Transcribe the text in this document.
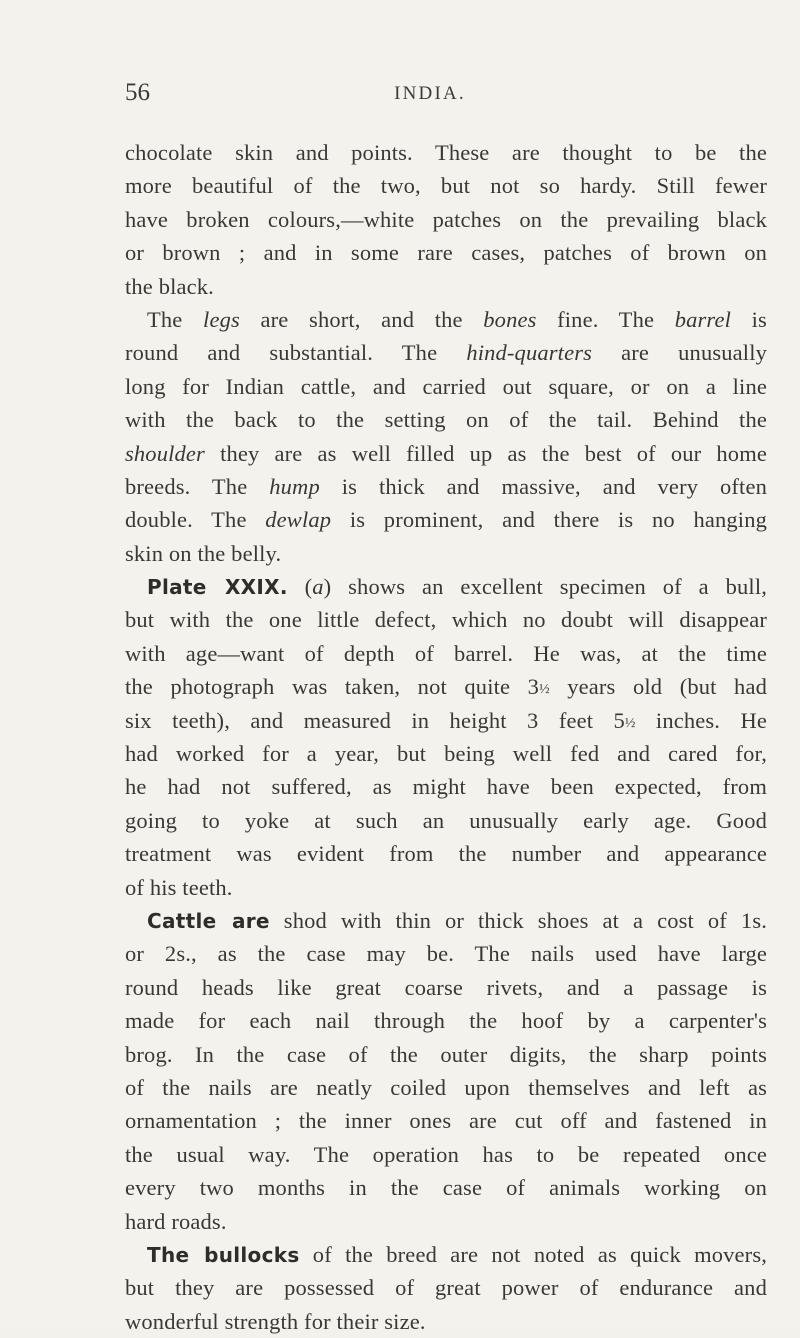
56	INDIA.
chocolate skin and points. These are thought to be the
more beautiful of the two, but not so hardy. Still fewer
have broken colours,—white patches on the prevailing black
or brown ; and in some rare cases, patches of brown on
the black.
The legs are short, and the bones fine. The barrel is
round and substantial. The hind-quarters are unusually
long for Indian cattle, and carried out square, or on a line
with the back to the setting on of the tail. Behind the
shoulder they are as well filled up as the best of our home
breeds. The hump is thick and massive, and very often
double. The dewlap is prominent, and there is no hanging
skin on the belly.
Plate XXIX. (a) shows an excellent specimen of a bull,
but with the one little defect, which no doubt will disappear
with age—want of depth of barrel. He was, at the time
the photograph was taken, not quite 3½ years old (but had
six teeth), and measured in height 3 feet 5½ inches. He
had worked for a year, but being well fed and cared for,
he had not suffered, as might have been expected, from
going to yoke at such an unusually early age. Good
treatment was evident from the number and appearance
of his teeth.
Cattle are shod with thin or thick shoes at a cost of 1s.
or 2s., as the case may be. The nails used have large
round heads like great coarse rivets, and a passage is
made for each nail through the hoof by a carpenter's
brog. In the case of the outer digits, the sharp points
of the nails are neatly coiled upon themselves and left as
ornamentation ; the inner ones are cut off and fastened in
the usual way. The operation has to be repeated once
every two months in the case of animals working on
hard roads.
The bullocks of the breed are not noted as quick movers,
but they are possessed of great power of endurance and
wonderful strength for their size.
